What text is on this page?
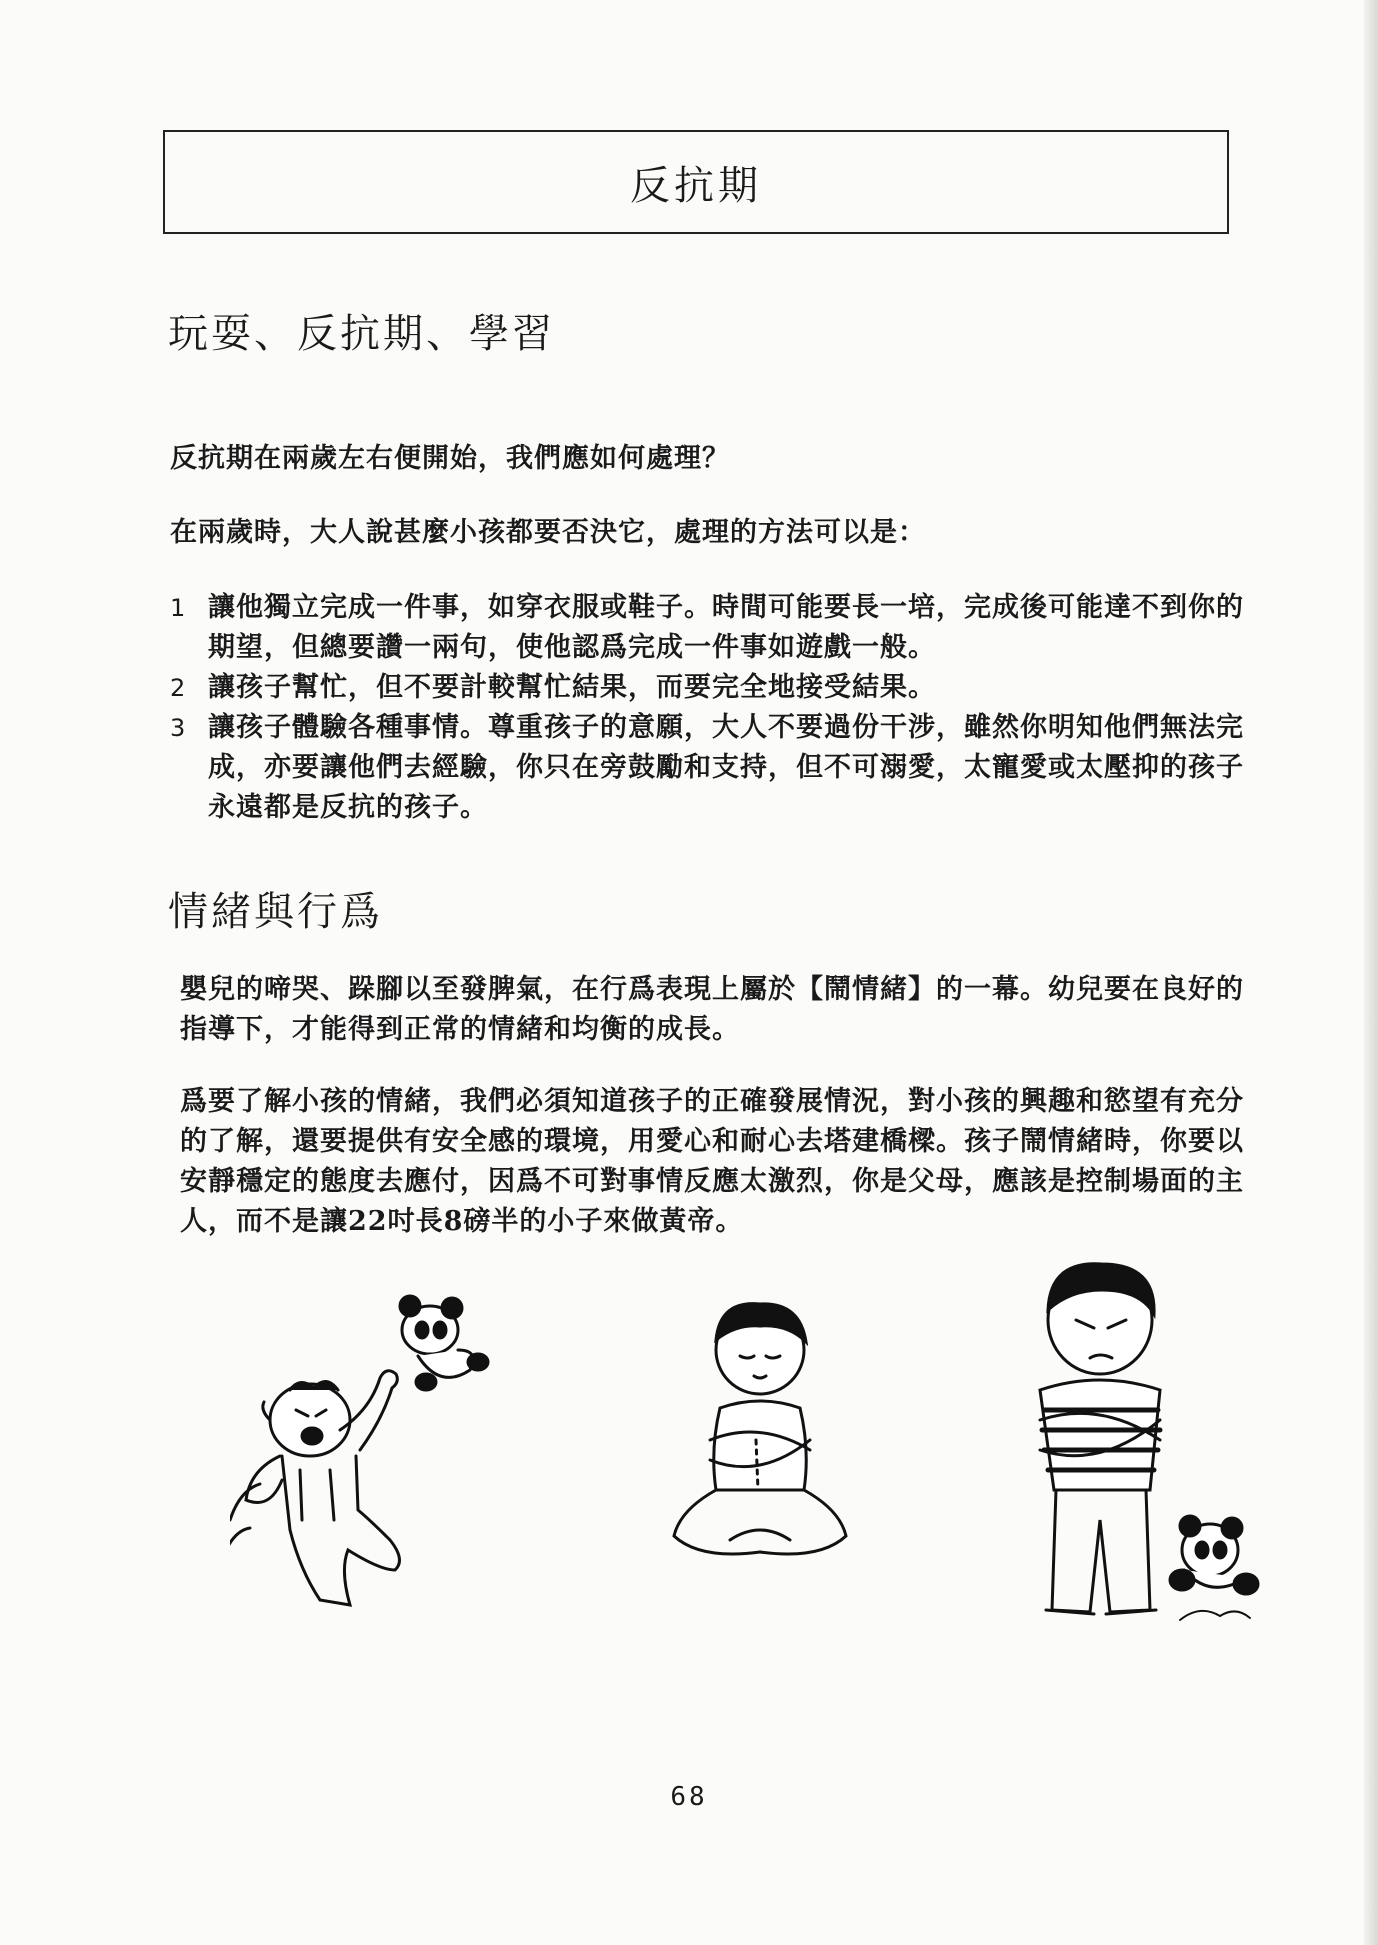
反抗期
玩耍、反抗期、學習
反抗期在兩歲左右便開始，我們應如何處理？
在兩歲時，大人說甚麼小孩都要否決它，處理的方法可以是：
1 讓他獨立完成一件事，如穿衣服或鞋子。時間可能要長一培，完成後可能達不到你的期望，但總要讚一兩句，使他認爲完成一件事如遊戲一般。
2 讓孩子幫忙，但不要計較幫忙結果，而要完全地接受結果。
3 讓孩子體驗各種事情。尊重孩子的意願，大人不要過份干涉，雖然你明知他們無法完成，亦要讓他們去經驗，你只在旁鼓勵和支持，但不可溺愛，太寵愛或太壓抑的孩子永遠都是反抗的孩子。
情緒與行爲
嬰兒的啼哭、跺腳以至發脾氣，在行爲表現上屬於【鬧情緒】的一幕。幼兒要在良好的指導下，才能得到正常的情緒和均衡的成長。
爲要了解小孩的情緒，我們必須知道孩子的正確發展情況，對小孩的興趣和慾望有充分的了解，還要提供有安全感的環境，用愛心和耐心去塔建橋樑。孩子鬧情緒時，你要以安靜穩定的態度去應付，因爲不可對事情反應太激烈，你是父母，應該是控制場面的主人，而不是讓22吋長8磅半的小子來做黃帝。
68
